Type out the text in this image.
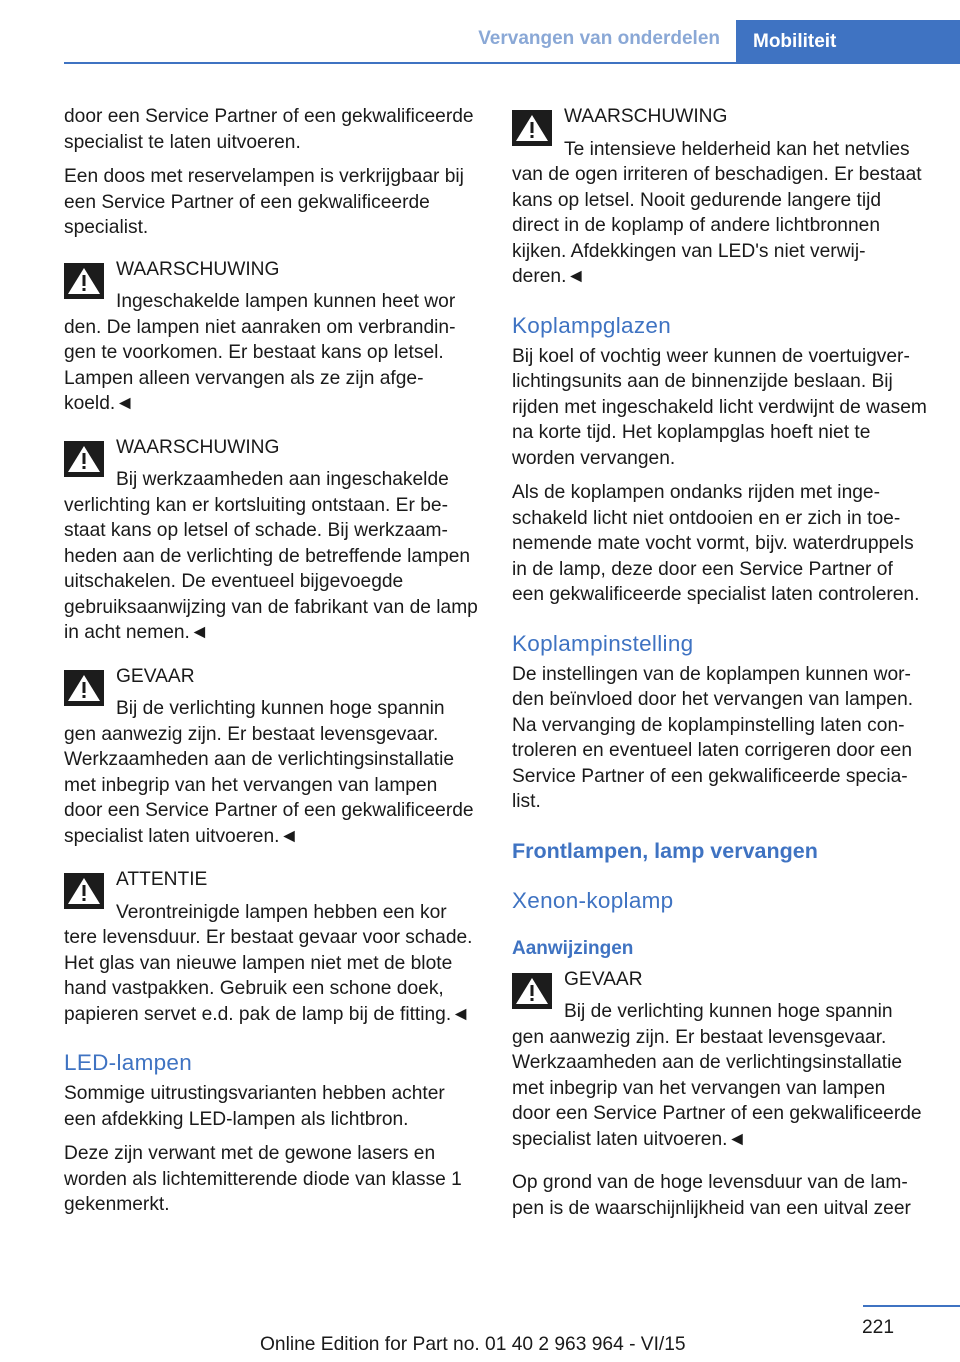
Vervangen van onderdelen	Mobiliteit

door een Service Partner of een gekwalificeerde specialist te laten uitvoeren.

Een doos met reservelampen is verkrijgbaar bij een Service Partner of een gekwalificeerde specialist.

WAARSCHUWING

Ingeschakelde lampen kunnen heet wor
den. De lampen niet aanraken om verbrandingen te voorkomen. Er bestaat kans op letsel. Lampen alleen vervangen als ze zijn afgekoeld.◄

WAARSCHUWING

Bij werkzaamheden aan ingeschakelde
verlichting kan er kortsluiting ontstaan. Er bestaat kans op letsel of schade. Bij werkzaamheden aan de verlichting de betreffende lampen uitschakelen. De eventueel bijgevoegde gebruiksaanwijzing van de fabrikant van de lamp in acht nemen.◄

GEVAAR

Bij de verlichting kunnen hoge spannin
gen aanwezig zijn. Er bestaat levensgevaar. Werkzaamheden aan de verlichtingsinstallatie met inbegrip van het vervangen van lampen door een Service Partner of een gekwalificeerde specialist laten uitvoeren.◄

ATTENTIE

Verontreinigde lampen hebben een kor
tere levensduur. Er bestaat gevaar voor schade. Het glas van nieuwe lampen niet met de blote hand vastpakken. Gebruik een schone doek, papieren servet e.d. pak de lamp bij de fitting.◄

LED-lampen

Sommige uitrustingsvarianten hebben achter een afdekking LED-lampen als lichtbron.

Deze zijn verwant met de gewone lasers en worden als lichtemitterende diode van klasse 1 gekenmerkt.

WAARSCHUWING

Te intensieve helderheid kan het netvlies
van de ogen irriteren of beschadigen. Er bestaat kans op letsel. Nooit gedurende langere tijd direct in de koplamp of andere lichtbronnen kijken. Afdekkingen van LED's niet verwijderen.◄

Koplampglazen

Bij koel of vochtig weer kunnen de voertuigverlichtingsunits aan de binnenzijde beslaan. Bij rijden met ingeschakeld licht verdwijnt de wasem na korte tijd. Het koplampglas hoeft niet te worden vervangen.

Als de koplampen ondanks rijden met ingeschakeld licht niet ontdooien en er zich in toenemende mate vocht vormt, bijv. waterdruppels in de lamp, deze door een Service Partner of een gekwalificeerde specialist laten controleren.

Koplampinstelling

De instellingen van de koplampen kunnen worden beïnvloed door het vervangen van lampen. Na vervanging de koplampinstelling laten controleren en eventueel laten corrigeren door een Service Partner of een gekwalificeerde specialist.

Frontlampen, lamp vervangen
Xenon-koplamp
Aanwijzingen
GEVAAR

Bij de verlichting kunnen hoge spannin
gen aanwezig zijn. Er bestaat levensgevaar. Werkzaamheden aan de verlichtingsinstallatie met inbegrip van het vervangen van lampen door een Service Partner of een gekwalificeerde specialist laten uitvoeren.◄

Op grond van de hoge levensduur van de lampen is de waarschijnlijkheid van een uitval zeer

221
Online Edition for Part no. 01 40 2 963 964 - VI/15
